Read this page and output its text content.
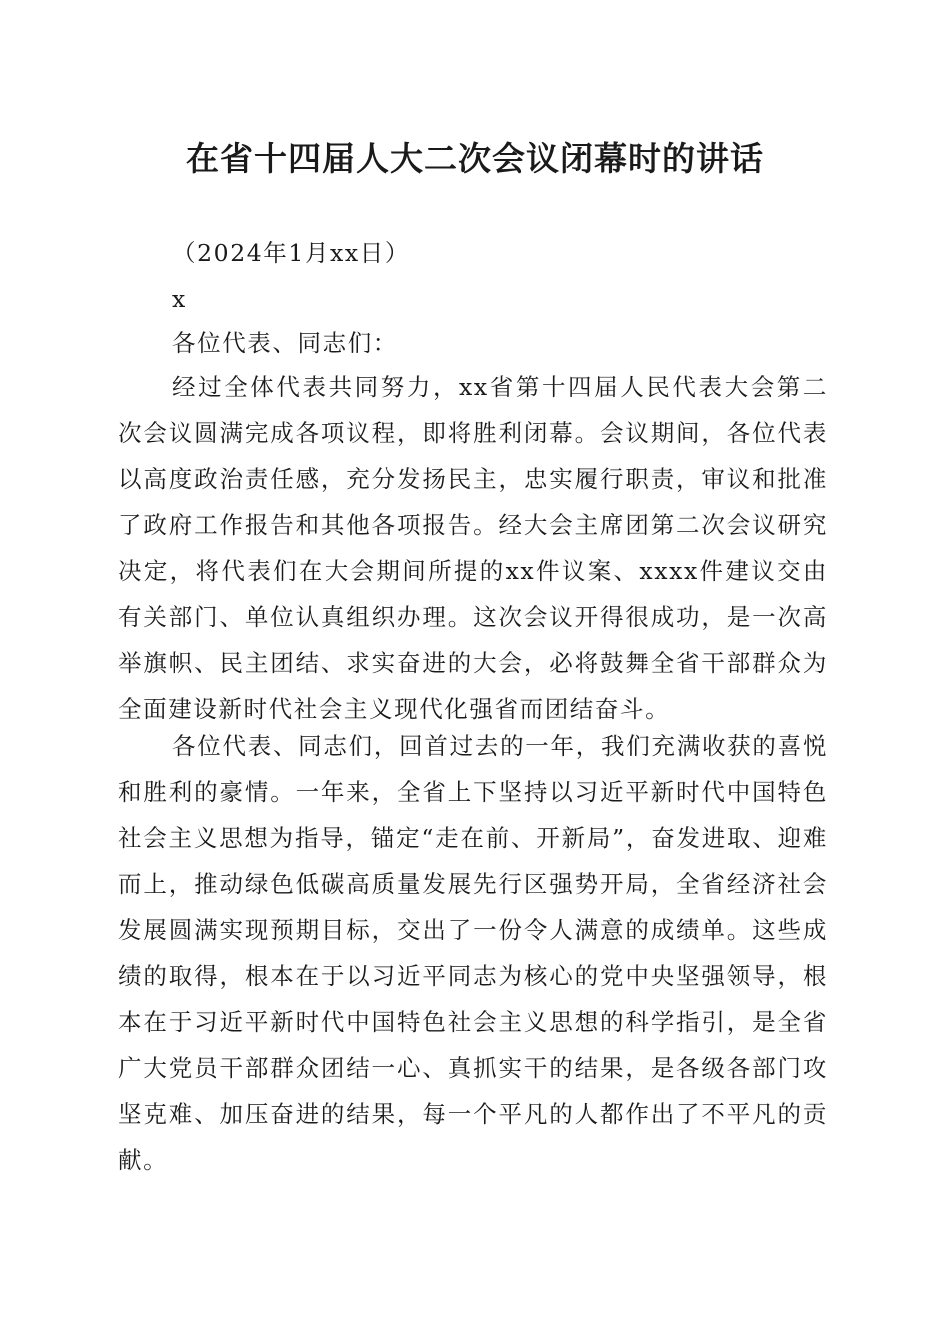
在省十四届人大二次会议闭幕时的讲话

（2024年1月xx日）

x

各位代表、同志们：

经过全体代表共同努力，xx省第十四届人民代表大会第二次会议圆满完成各项议程，即将胜利闭幕。会议期间，各位代表以高度政治责任感，充分发扬民主，忠实履行职责，审议和批准了政府工作报告和其他各项报告。经大会主席团第二次会议研究决定，将代表们在大会期间所提的xx件议案、xxxx件建议交由有关部门、单位认真组织办理。这次会议开得很成功，是一次高举旗帜、民主团结、求实奋进的大会，必将鼓舞全省干部群众为全面建设新时代社会主义现代化强省而团结奋斗。

各位代表、同志们，回首过去的一年，我们充满收获的喜悦和胜利的豪情。一年来，全省上下坚持以习近平新时代中国特色社会主义思想为指导，锚定“走在前、开新局”，奋发进取、迎难而上，推动绿色低碳高质量发展先行区强势开局，全省经济社会发展圆满实现预期目标，交出了一份令人满意的成绩单。这些成绩的取得，根本在于以习近平同志为核心的党中央坚强领导，根本在于习近平新时代中国特色社会主义思想的科学指引，是全省广大党员干部群众团结一心、真抓实干的结果，是各级各部门攻坚克难、加压奋进的结果，每一个平凡的人都作出了不平凡的贡献。
